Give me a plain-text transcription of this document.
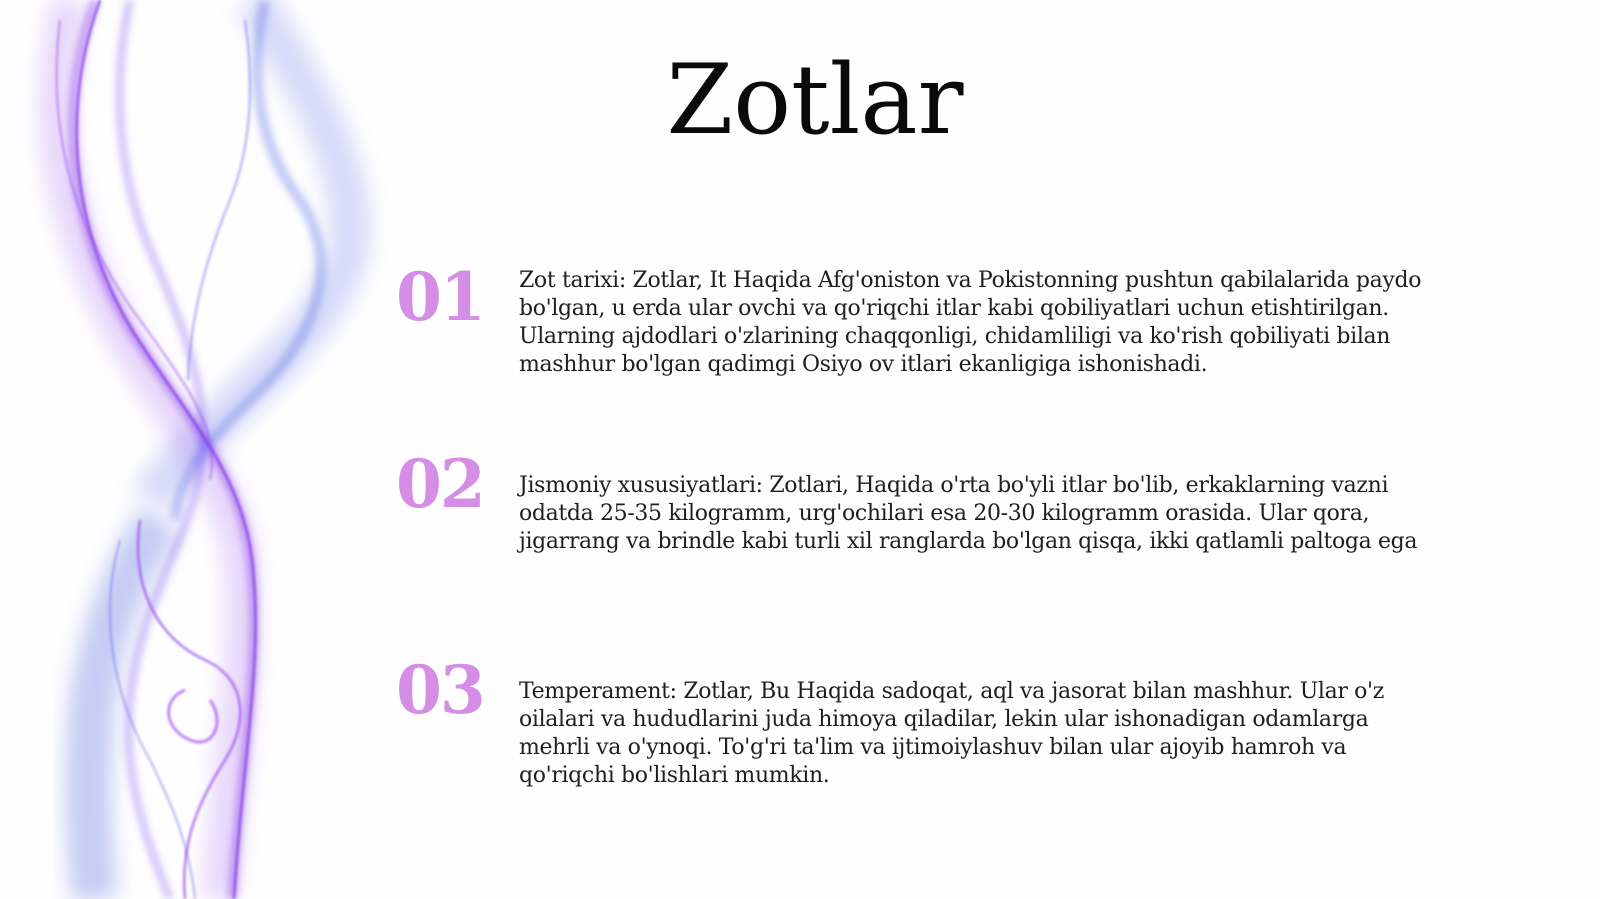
Zotlar
01	Zot tarixi: Zotlar, It Haqida Afg'oniston va Pokistonning pushtun qabilalarida paydo bo'lgan, u erda ular ovchi va qo'riqchi itlar kabi qobiliyatlari uchun etishtirilgan. Ularning ajdodlari o'zlarining chaqqonligi, chidamliligi va ko'rish qobiliyati bilan mashhur bo'lgan qadimgi Osiyo ov itlari ekanligiga ishonishadi.
02	Jismoniy xususiyatlari: Zotlari, Haqida o'rta bo'yli itlar bo'lib, erkaklarning vazni odatda 25-35 kilogramm, urg'ochilari esa 20-30 kilogramm orasida. Ular qora, jigarrang va brindle kabi turli xil ranglarda bo'lgan qisqa, ikki qatlamli paltoga ega
03	Temperament: Zotlar, Bu Haqida sadoqat, aql va jasorat bilan mashhur. Ular o'z oilalari va hududlarini juda himoya qiladilar, lekin ular ishonadigan odamlarga mehrli va o'ynoqi. To'g'ri ta'lim va ijtimoiylashuv bilan ular ajoyib hamroh va qo'riqchi bo'lishlari mumkin.
